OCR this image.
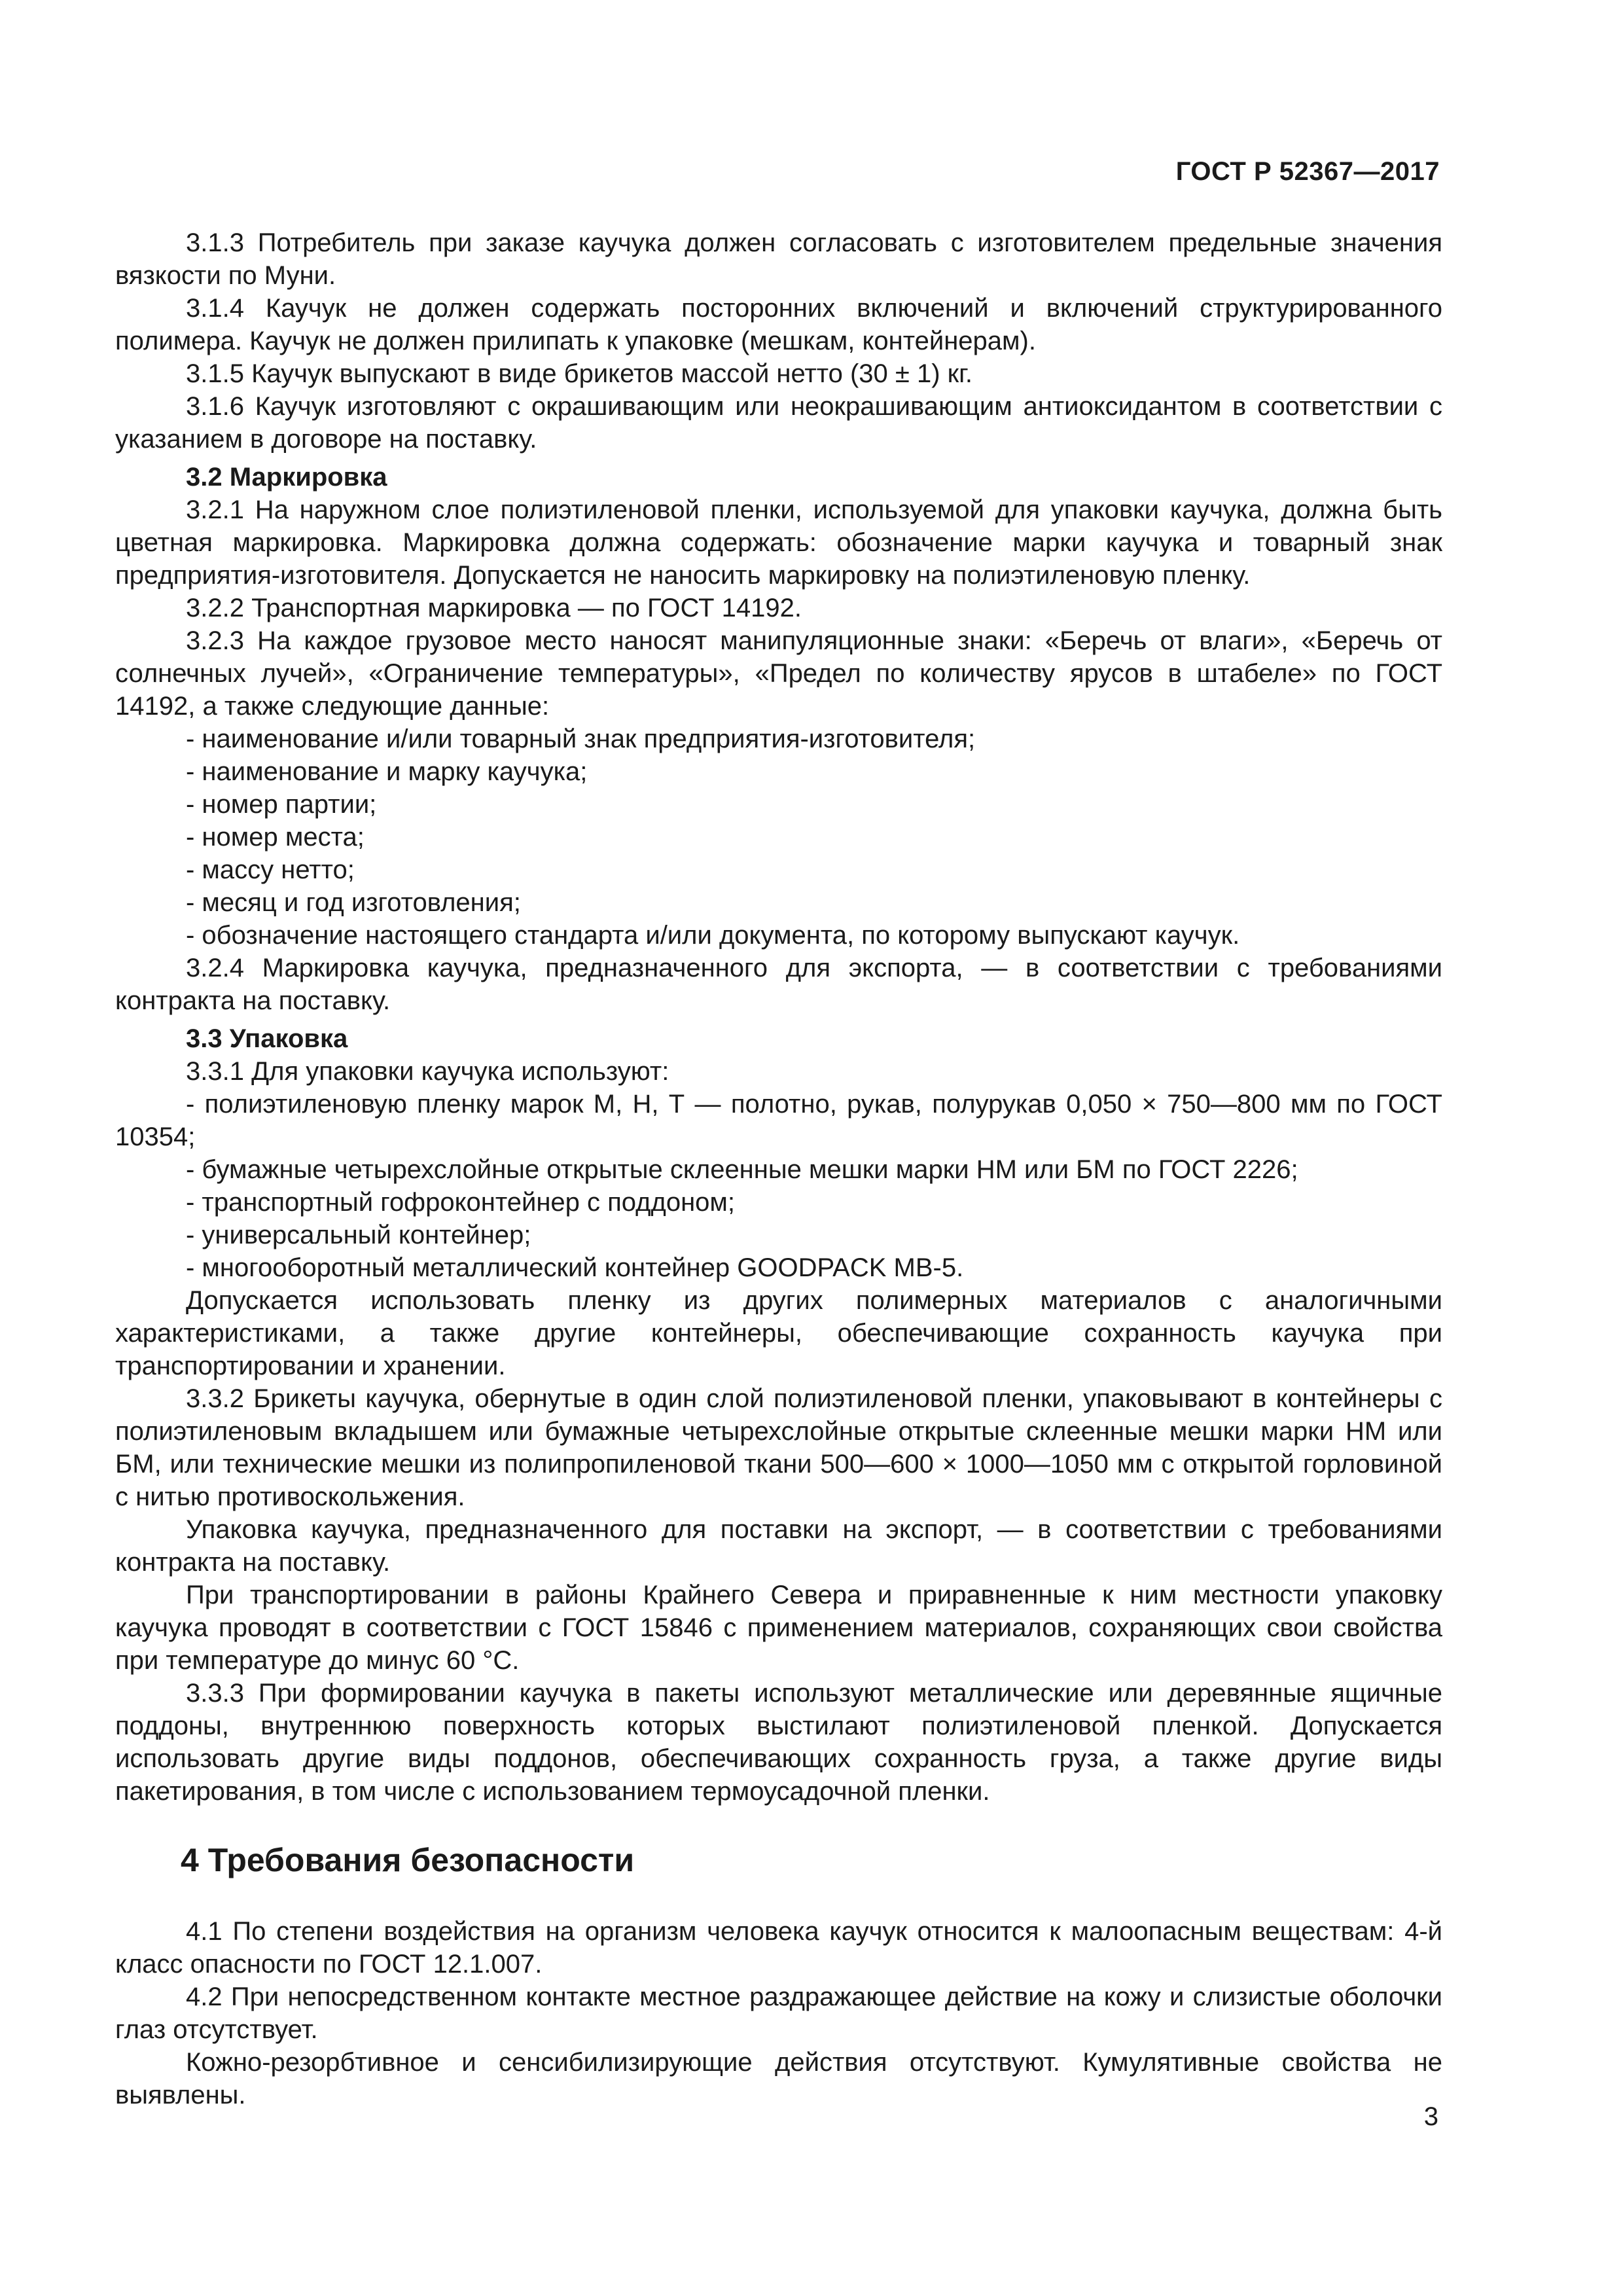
ГОСТ Р 52367—2017

3.1.3 Потребитель при заказе каучука должен согласовать с изготовителем предельные значения вязкости по Муни.

3.1.4 Каучук не должен содержать посторонних включений и включений структурированного полимера. Каучук не должен прилипать к упаковке (мешкам, контейнерам).

3.1.5 Каучук выпускают в виде брикетов массой нетто (30 ± 1) кг.

3.1.6 Каучук изготовляют с окрашивающим или неокрашивающим антиоксидантом в соответствии с указанием в договоре на поставку.

3.2 Маркировка

3.2.1 На наружном слое полиэтиленовой пленки, используемой для упаковки каучука, должна быть цветная маркировка. Маркировка должна содержать: обозначение марки каучука и товарный знак предприятия-изготовителя. Допускается не наносить маркировку на полиэтиленовую пленку.

3.2.2 Транспортная маркировка — по ГОСТ 14192.

3.2.3 На каждое грузовое место наносят манипуляционные знаки: «Беречь от влаги», «Беречь от солнечных лучей», «Ограничение температуры», «Предел по количеству ярусов в штабеле» по ГОСТ 14192, а также следующие данные:

- наименование и/или товарный знак предприятия-изготовителя;

- наименование и марку каучука;

- номер партии;

- номер места;

- массу нетто;

- месяц и год изготовления;

- обозначение настоящего стандарта и/или документа, по которому выпускают каучук.

3.2.4 Маркировка каучука, предназначенного для экспорта, — в соответствии с требованиями контракта на поставку.

3.3 Упаковка

3.3.1 Для упаковки каучука используют:

- полиэтиленовую пленку марок М, Н, Т — полотно, рукав, полурукав 0,050 × 750—800 мм по ГОСТ 10354;

- бумажные четырехслойные открытые склеенные мешки марки НМ или БМ по ГОСТ 2226;

- транспортный гофроконтейнер с поддоном;

- универсальный контейнер;

- многооборотный металлический контейнер GOODPACK MB-5.

Допускается использовать пленку из других полимерных материалов с аналогичными характеристиками, а также другие контейнеры, обеспечивающие сохранность каучука при транспортировании и хранении.

3.3.2 Брикеты каучука, обернутые в один слой полиэтиленовой пленки, упаковывают в контейнеры с полиэтиленовым вкладышем или бумажные четырехслойные открытые склеенные мешки марки НМ или БМ, или технические мешки из полипропиленовой ткани 500—600 × 1000—1050 мм с открытой горловиной с нитью противоскольжения.

Упаковка каучука, предназначенного для поставки на экспорт, — в соответствии с требованиями контракта на поставку.

При транспортировании в районы Крайнего Севера и приравненные к ним местности упаковку каучука проводят в соответствии с ГОСТ 15846 с применением материалов, сохраняющих свои свойства при температуре до минус 60 °С.

3.3.3 При формировании каучука в пакеты используют металлические или деревянные ящичные поддоны, внутреннюю поверхность которых выстилают полиэтиленовой пленкой. Допускается использовать другие виды поддонов, обеспечивающих сохранность груза, а также другие виды пакетирования, в том числе с использованием термоусадочной пленки.

4 Требования безопасности

4.1 По степени воздействия на организм человека каучук относится к малоопасным веществам: 4-й класс опасности по ГОСТ 12.1.007.

4.2 При непосредственном контакте местное раздражающее действие на кожу и слизистые оболочки глаз отсутствует.

Кожно-резорбтивное и сенсибилизирующие действия отсутствуют. Кумулятивные свойства не выявлены.

3
